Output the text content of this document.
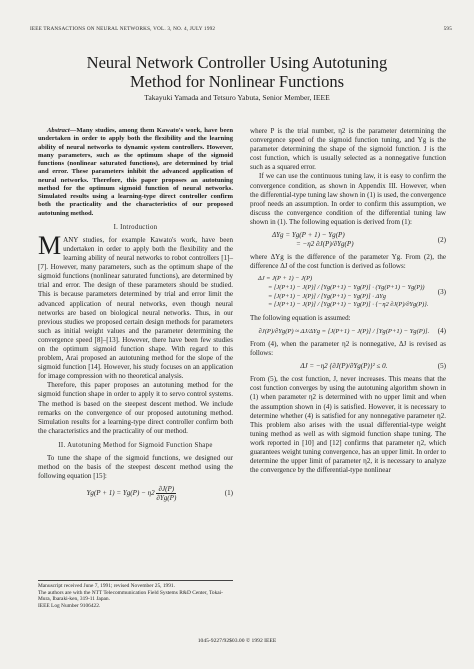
IEEE TRANSACTIONS ON NEURAL NETWORKS, VOL. 3, NO. 4, JULY 1992	595
Neural Network Controller Using Autotuning
Method for Nonlinear Functions
Takayuki Yamada and Tetsuro Yabuta, Senior Member, IEEE

Abstract—Many studies, among them Kawato's work, have been undertaken in order to apply both the flexibility and the learning ability of neural networks to dynamic system controllers. However, many parameters, such as the optimum shape of the sigmoid functions (nonlinear saturated functions), are determined by trial and error. These parameters inhibit the advanced application of neural networks. Therefore, this paper proposes an autotuning method for the optimum sigmoid function of neural networks. Simulated results using a learning-type direct controller confirm both the practicality and the characteristics of our proposed autotuning method.

I. Introduction

MANY studies, for example Kawato's work, have been undertaken in order to apply both the flexibility and the learning ability of neural networks to robot controllers [1]–[7]. However, many parameters, such as the optimum shape of the sigmoid functions (nonlinear saturated functions), are determined by trial and error. The design of these parameters should be studied. This is because parameters determined by trial and error limit the advanced application of neural networks, even though neural networks are based on biological neural networks. Thus, in our previous studies we proposed certain design methods for parameters such as initial weight values and the parameter determining the convergence speed [8]–[13]. However, there have been few studies on the optimum sigmoid function shape. With regard to this problem, Arai proposed an autotuning method for the slope of the sigmoid function [14]. However, his study focuses on an application for image compression with no theoretical analysis.

Therefore, this paper proposes an autotuning method for the sigmoid function shape in order to apply it to servo control systems. The method is based on the steepest descent method. We include remarks on the convergence of our proposed autotuning method. Simulation results for a learning-type direct controller confirm both the characteristics and the practicality of our method.

II. Autotuning Method for Sigmoid Function Shape

To tune the shape of the sigmoid functions, we designed our method on the basis of the steepest descent method using the following equation [15]:

$Yg(P + 1) = Yg(P) - \eta 2 \frac{\partial J(P)}{\partial Yg(P)}$	(1)
Manuscript received June 7, 1991; revised November 25, 1991.
The authors are with the NTT Telecommunication Field Systems R&D Center, Tokai-Mura, Ibaraki-ken, 319-11 Japan.
IEEE Log Number 9106422.

where P is the trial number, η2 is the parameter determining the convergence speed of the sigmoid function tuning, and Yg is the parameter determining the shape of the sigmoid function. J is the cost function, which is usually selected as a nonnegative function such as a squared error.

If we can use the continuous tuning law, it is easy to confirm the convergence condition, as shown in Appendix III. However, when the differential-type tuning law shown in (1) is used, the convergence proof needs an assumption. In order to confirm this assumption, we discuss the convergence condition of the differential tuning law shown in (1). The following equation is derived from (1):

ΔYg = Yg(P + 1) − Yg(P)
= −η2 ∂J(P)/∂Yg(P)
(2)

where ΔYg is the difference of the parameter Yg. From (2), the difference ΔJ of the cost function is derived as follows:

ΔJ = J(P + 1) − J(P)
= [J(P+1) − J(P)] / [Yg(P+1) − Yg(P)] · (Yg(P+1) − Yg(P))
= [J(P+1) − J(P)] / [Yg(P+1) − Yg(P)] · ΔYg
= [J(P+1) − J(P)] / [Yg(P+1) − Yg(P)] · {−η2 ∂J(P)/∂Yg(P)}.
(3)

The following equation is assumed:

∂J(P)/∂Yg(P) ≈ ΔJ/ΔYg = [J(P+1) − J(P)] / [Yg(P+1) − Yg(P)].	(4)

From (4), when the parameter η2 is nonnegative, ΔJ is revised as follows:

ΔJ = −η2 {∂J(P)/∂Yg(P)}² ≤ 0.	(5)

From (5), the cost function, J, never increases. This means that the cost function converges by using the autotuning algorithm shown in (1) when parameter η2 is determined with no upper limit and when the assumption shown in (4) is satisfied. However, it is necessary to determine whether (4) is satisfied for any nonnegative parameter η2. This problem also arises with the usual differential-type weight tuning method as well as with sigmoid function shape tuning. The work reported in [10] and [12] confirms that parameter η2, which guarantees weight tuning convergence, has an upper limit. In order to determine the upper limit of parameter η2, it is necessary to analyze the convergence by the differential-type nonlinear

1045-9227/92$03.00 © 1992 IEEE
